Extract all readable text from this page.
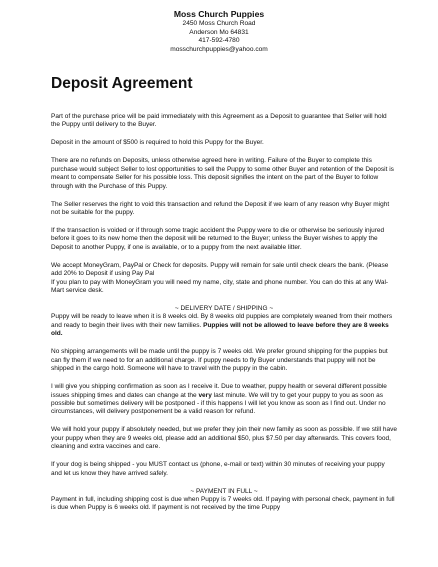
Moss Church Puppies
2450 Moss Church Road
Anderson Mo 64831
417-592-4780
mosschurchpuppies@yahoo.com
Deposit Agreement

Part of the purchase price will be paid immediately with this Agreement as a Deposit to guarantee that Seller will hold the Puppy until delivery to the Buyer.

Deposit in the amount of $500 is required to hold this Puppy for the Buyer.

There are no refunds on Deposits, unless otherwise agreed here in writing. Failure of the Buyer to complete this purchase would subject Seller to lost opportunities to sell the Puppy to some other Buyer and retention of the Deposit is meant to compensate Seller for his possible loss. This deposit signifies the intent on the part of the Buyer to follow through with the Purchase of this Puppy.

The Seller reserves the right to void this transaction and refund the Deposit if we learn of any reason why Buyer might not be suitable for the puppy.

If the transaction is voided or if through some tragic accident the Puppy were to die or otherwise be seriously injured before it goes to its new home then the deposit will be returned to the Buyer; unless the Buyer wishes to apply the Deposit to another Puppy, if one is available, or to a puppy from the next available litter.

We accept MoneyGram, PayPal or Check for deposits. Puppy will remain for sale until check clears the bank. (Please add 20% to Deposit if using Pay Pal

If you plan to pay with MoneyGram you will need my name, city, state and phone number. You can do this at any Wal-Mart service desk.

~ DELIVERY DATE / SHIPPING ~

Puppy will be ready to leave when it is 8 weeks old. By 8 weeks old puppies are completely weaned from their mothers and ready to begin their lives with their new families. Puppies will not be allowed to leave before they are 8 weeks old.

No shipping arrangements will be made until the puppy is 7 weeks old. We prefer ground shipping for the puppies but can fly them if we need to for an additional charge. If puppy needs to fly Buyer understands that puppy will not be shipped in the cargo hold. Someone will have to travel with the puppy in the cabin.

I will give you shipping confirmation as soon as I receive it. Due to weather, puppy health or several different possible issues shipping times and dates can change at the very last minute. We will try to get your puppy to you as soon as possible but sometimes delivery will be postponed - if this happens I will let you know as soon as I find out. Under no circumstances, will delivery postponement be a valid reason for refund.

We will hold your puppy if absolutely needed, but we prefer they join their new family as soon as possible. If we still have your puppy when they are 9 weeks old, please add an additional $50, plus $7.50 per day afterwards. This covers food, cleaning and extra vaccines and care.

If your dog is being shipped - you MUST contact us (phone, e-mail or text) within 30 minutes of receiving your puppy and let us know they have arrived safely.

~ PAYMENT IN FULL ~

Payment in full, including shipping cost is due when Puppy is 7 weeks old. If paying with personal check, payment in full is due when Puppy is 6 weeks old. If payment is not received by the time Puppy
